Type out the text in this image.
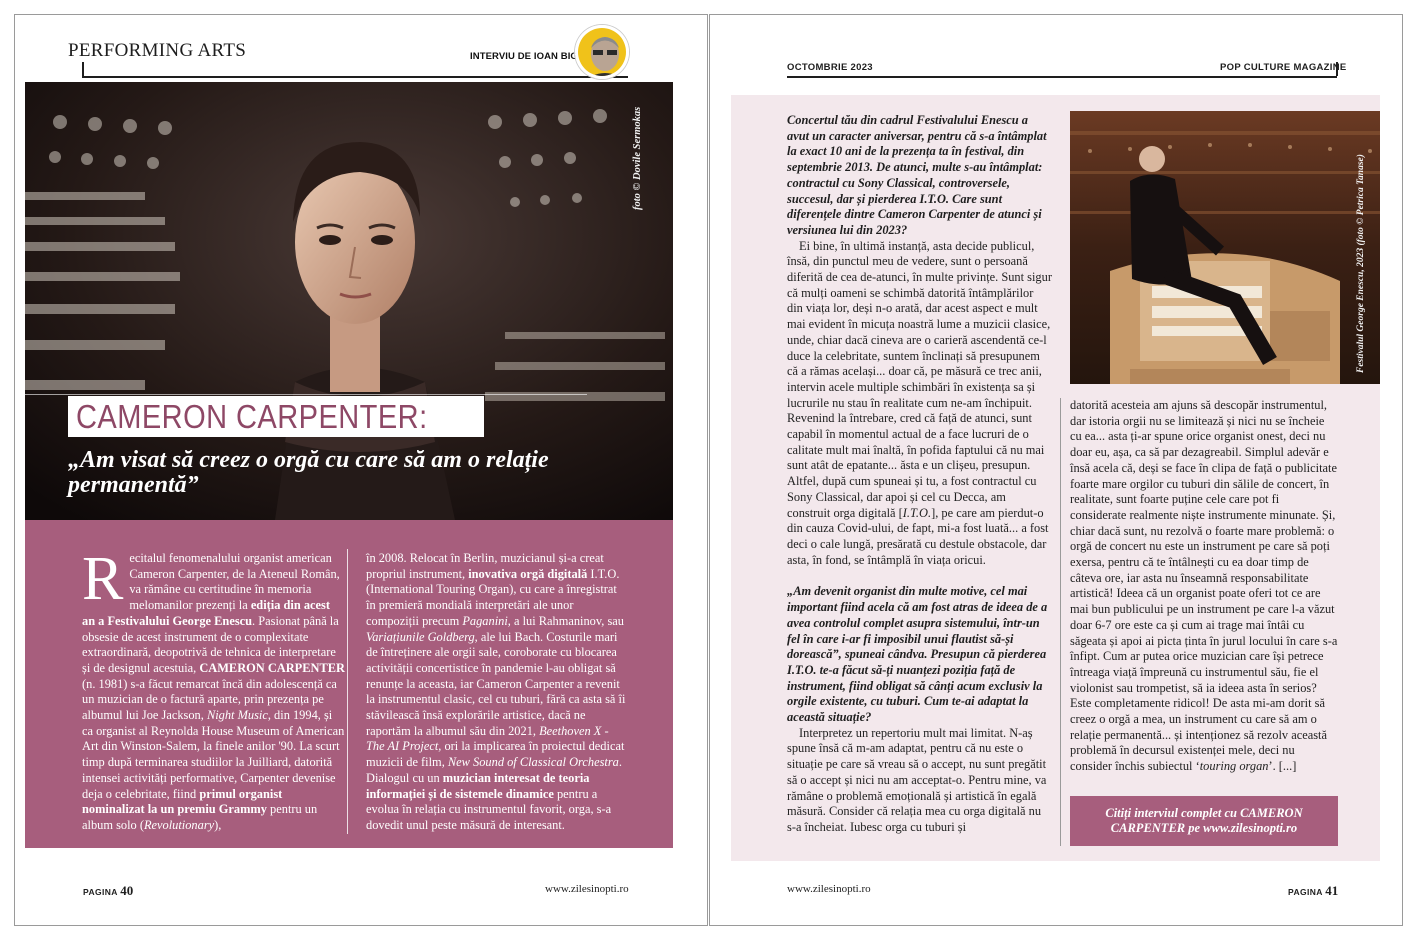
PERFORMING ARTS	INTERVIU DE IOAN BIG
foto © Dovile Sermokas
CAMERON CARPENTER:
„Am visat să creez o orgă cu care să am o relație permanentă”
R ecitalul fenomenalului organist american Cameron Carpenter, de la Ateneul Român, va rămâne cu certitudine în memoria melomanilor prezenți la ediția din acest an a Festivalului George Enescu. Pasionat până la obsesie de acest instrument de o complexitate extraordinară, deopotrivă de tehnica de interpretare și de designul acestuia, CAMERON CARPENTER (n. 1981) s-a făcut remarcat încă din adolescență ca un muzician de o factură aparte, prin prezența pe albumul lui Joe Jackson, Night Music, din 1994, și ca organist al Reynolda House Museum of American Art din Winston-Salem, la finele anilor '90. La scurt timp după terminarea studiilor la Juilliard, datorită intensei activități performative, Carpenter devenise deja o celebritate, fiind primul organist nominalizat la un premiu Grammy pentru un album solo (Revolutionary),
în 2008. Relocat în Berlin, muzicianul și-a creat propriul instrument, inovativa orgă digitală I.T.O. (International Touring Organ), cu care a înregistrat în premieră mondială interpretări ale unor compoziții precum Paganini, a lui Rahmaninov, sau Variațiunile Goldberg, ale lui Bach. Costurile mari de întreținere ale orgii sale, coroborate cu blocarea activității concertistice în pandemie l-au obligat să renunțe la aceasta, iar Cameron Carpenter a revenit la instrumentul clasic, cel cu tuburi, fără ca asta să îi stăvilească însă explorările artistice, dacă ne raportăm la albumul său din 2021, Beethoven X - The AI Project, ori la implicarea în proiectul dedicat muzicii de film, New Sound of Classical Orchestra. Dialogul cu un muzician interesat de teoria informației și de sistemele dinamice pentru a evolua în relația cu instrumentul favorit, orga, s-a dovedit unul peste măsură de interesant.
PAGINA 40	www.zilesinopti.ro
OCTOMBRIE 2023	POP CULTURE MAGAZINE

Concertul tău din cadrul Festivalului Enescu a avut un caracter aniversar, pentru că s-a întâmplat la exact 10 ani de la prezența ta în festival, din septembrie 2013. De atunci, multe s-au întâmplat: contractul cu Sony Classical, controversele, succesul, dar și pierderea I.T.O. Care sunt diferențele dintre Cameron Carpenter de atunci și versiunea lui din 2023?

Ei bine, în ultimă instanță, asta decide publicul, însă, din punctul meu de vedere, sunt o persoană diferită de cea de-atunci, în multe privințe. Sunt sigur că mulți oameni se schimbă datorită întâmplărilor din viața lor, deși n-o arată, dar acest aspect e mult mai evident în micuța noastră lume a muzicii clasice, unde, chiar dacă cineva are o carieră ascendentă ce-l duce la celebritate, suntem înclinați să presupunem că a rămas același... doar că, pe măsură ce trec anii, intervin acele multiple schimbări în existența sa și lucrurile nu stau în realitate cum ne-am închipuit. Revenind la întrebare, cred că față de atunci, sunt capabil în momentul actual de a face lucruri de o calitate mult mai înaltă, în pofida faptului că nu mai sunt atât de epatante... ăsta e un clișeu, presupun. Altfel, după cum spuneai și tu, a fost contractul cu Sony Classical, dar apoi și cel cu Decca, am construit orga digitală [I.T.O.], pe care am pierdut-o din cauza Covid-ului, de fapt, mi-a fost luată... a fost deci o cale lungă, presărată cu destule obstacole, dar asta, în fond, se întâmplă în viața oricui.

„Am devenit organist din multe motive, cel mai important fiind acela că am fost atras de ideea de a avea controlul complet asupra sistemului, într-un fel în care i-ar fi imposibil unui flautist să-și dorească”, spuneai cândva. Presupun că pierderea I.T.O. te-a făcut să-ți nuanțezi poziția față de instrument, fiind obligat să cânți acum exclusiv la orgile existente, cu tuburi. Cum te-ai adaptat la această situație?

Interpretez un repertoriu mult mai limitat. N-aș spune însă că m-am adaptat, pentru că nu este o situație pe care să vreau să o accept, nu sunt pregătit să o accept și nici nu am acceptat-o. Pentru mine, va rămâne o problemă emoțională și artistică în egală măsură. Consider că relația mea cu orga digitală nu s-a încheiat. Iubesc orga cu tuburi și

Festivalul George Enescu, 2023 (foto © Petrica Tanase)

datorită acesteia am ajuns să descopăr instrumentul, dar istoria orgii nu se limitează și nici nu se încheie cu ea... asta ți-ar spune orice organist onest, deci nu doar eu, așa, ca să par dezagreabil. Simplul adevăr e însă acela că, deși se face în clipa de față o publicitate foarte mare orgilor cu tuburi din sălile de concert, în realitate, sunt foarte puține cele care pot fi considerate realmente niște instrumente minunate. Și, chiar dacă sunt, nu rezolvă o foarte mare problemă: o orgă de concert nu este un instrument pe care să poți exersa, pentru că te întâlnești cu ea doar timp de câteva ore, iar asta nu înseamnă responsabilitate artistică! Ideea că un organist poate oferi tot ce are mai bun publicului pe un instrument pe care l-a văzut doar 6-7 ore este ca și cum ai trage mai întâi cu săgeata și apoi ai picta ținta în jurul locului în care s-a înfipt. Cum ar putea orice muzician care își petrece întreaga viață împreună cu instrumentul său, fie el violonist sau trompetist, să ia ideea asta în serios? Este completamente ridicol! De asta mi-am dorit să creez o orgă a mea, un instrument cu care să am o relație permanentă... și intenționez să rezolv această problemă în decursul existenței mele, deci nu consider închis subiectul ‘touring organ’. [...]

Citiți interviul complet cu CAMERON CARPENTER pe www.zilesinopti.ro
www.zilesinopti.ro	PAGINA 41
